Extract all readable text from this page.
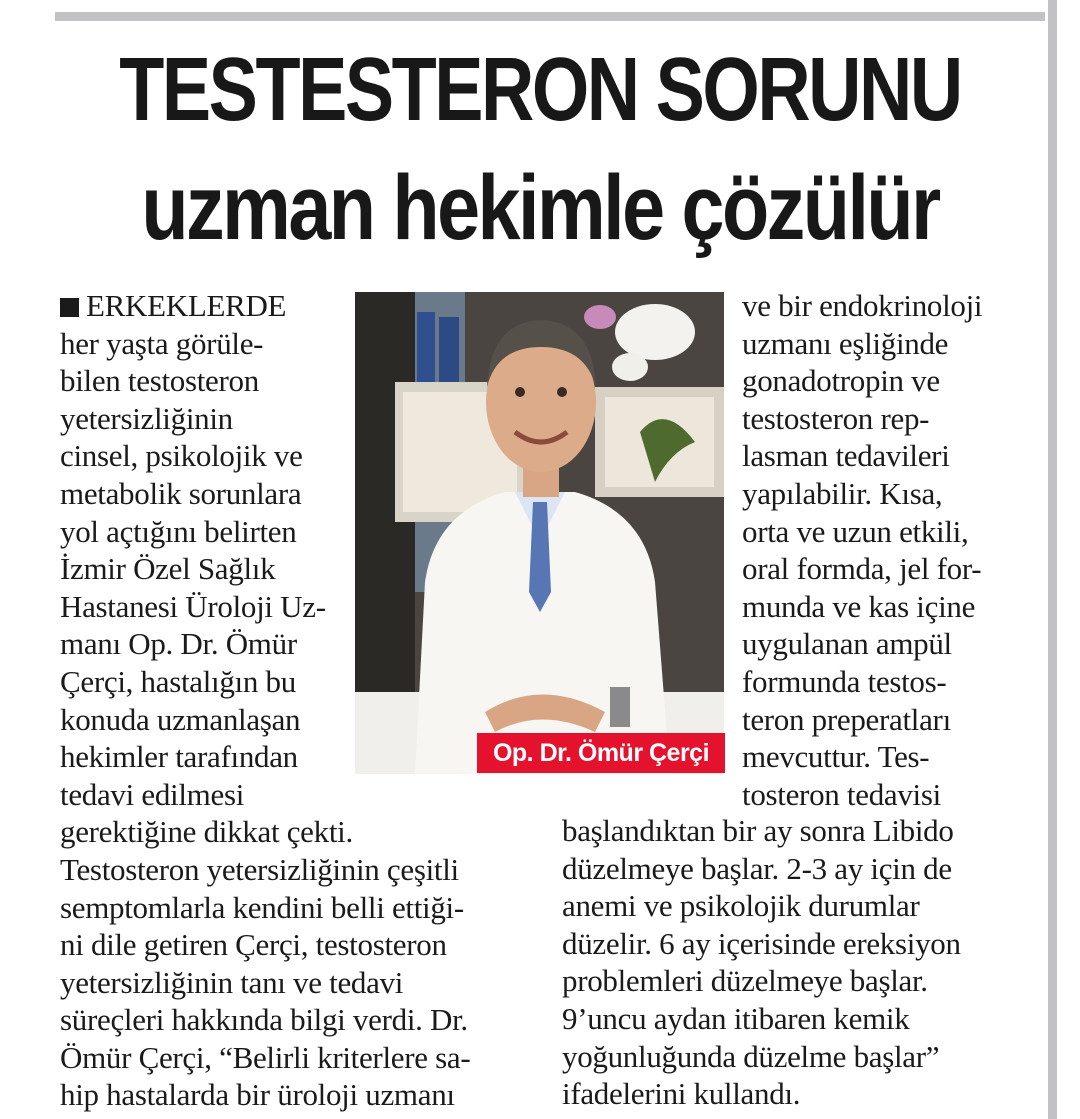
TESTESTERON SORUNU
uzman hekimle çözülür
ERKEKLERDE
her yaşta görüle-
bilen testosteron
yetersizliğinin
cinsel, psikolojik ve
metabolik sorunlara
yol açtığını belirten
İzmir Özel Sağlık
Hastanesi Üroloji Uz-
manı Op. Dr. Ömür
Çerçi, hastalığın bu
konuda uzmanlaşan
hekimler tarafından
tedavi edilmesi
gerektiğine dikkat çekti.
Testosteron yetersizliğinin çeşitli
semptomlarla kendini belli ettiği-
ni dile getiren Çerçi, testosteron
yetersizliğinin tanı ve tedavi
süreçleri hakkında bilgi verdi. Dr.
Ömür Çerçi, “Belirli kriterlere sa-
hip hastalarda bir üroloji uzmanı
Op. Dr. Ömür Çerçi
ve bir endokrinoloji
uzmanı eşliğinde
gonadotropin ve
testosteron rep-
lasman tedavileri
yapılabilir. Kısa,
orta ve uzun etkili,
oral formda, jel for-
munda ve kas içine
uygulanan ampül
formunda testos-
teron preperatları
mevcuttur. Tes-
tosteron tedavisi
başlandıktan bir ay sonra Libido
düzelmeye başlar. 2-3 ay için de
anemi ve psikolojik durumlar
düzelir. 6 ay içerisinde ereksiyon
problemleri düzelmeye başlar.
9’uncu aydan itibaren kemik
yoğunluğunda düzelme başlar”
ifadelerini kullandı.
